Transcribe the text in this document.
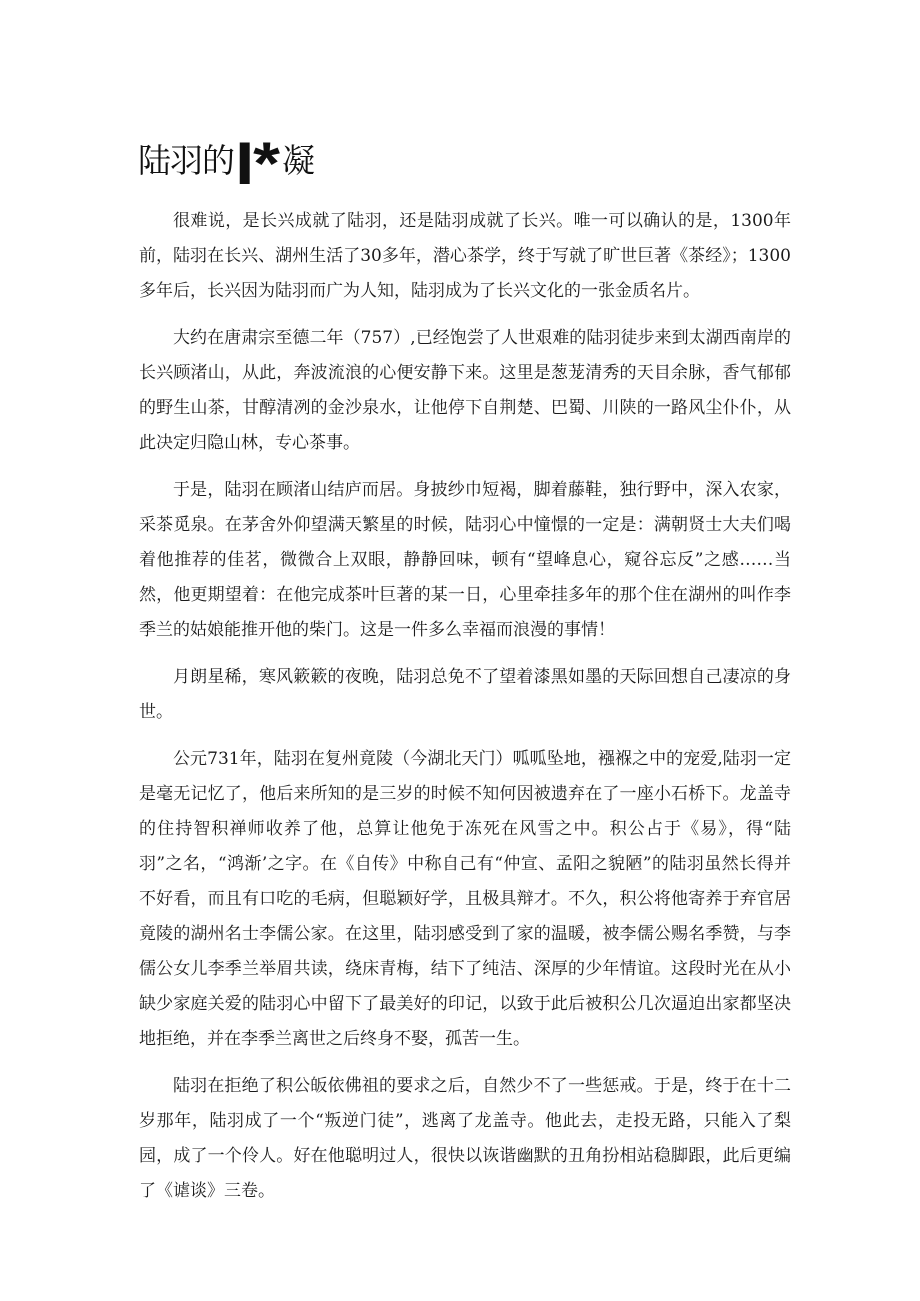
陆羽的I*凝

很难说，是长兴成就了陆羽，还是陆羽成就了长兴。唯一可以确认的是，1300年前，陆羽在长兴、湖州生活了30多年，潜心茶学，终于写就了旷世巨著《茶经》；1300多年后，长兴因为陆羽而广为人知，陆羽成为了长兴文化的一张金质名片。

大约在唐肃宗至德二年（757）,已经饱尝了人世艰难的陆羽徒步来到太湖西南岸的长兴顾渚山，从此，奔波流浪的心便安静下来。这里是葱茏清秀的天目余脉，香气郁郁的野生山茶，甘醇清冽的金沙泉水，让他停下自荆楚、巴蜀、川陕的一路风尘仆仆，从此决定归隐山林，专心茶事。

于是，陆羽在顾渚山结庐而居。身披纱巾短褐，脚着藤鞋，独行野中，深入农家，采茶觅泉。在茅舍外仰望满天繁星的时候，陆羽心中憧憬的一定是：满朝贤士大夫们喝着他推荐的佳茗，微微合上双眼，静静回味，顿有“望峰息心，窥谷忘反”之感……当然，他更期望着：在他完成茶叶巨著的某一日，心里牵挂多年的那个住在湖州的叫作李季兰的姑娘能推开他的柴门。这是一件多么幸福而浪漫的事情！

月朗星稀，寒风簌簌的夜晚，陆羽总免不了望着漆黑如墨的天际回想自己凄凉的身世。

公元731年，陆羽在复州竟陵（今湖北天门）呱呱坠地，襁褓之中的宠爱,陆羽一定是毫无记忆了，他后来所知的是三岁的时候不知何因被遗弃在了一座小石桥下。龙盖寺的住持智积禅师收养了他，总算让他免于冻死在风雪之中。积公占于《易》，得“陆羽”之名，“鸿渐’之字。在《自传》中称自己有“仲宣、孟阳之貌陋”的陆羽虽然长得并不好看，而且有口吃的毛病，但聪颖好学，且极具辩才。不久，积公将他寄养于弃官居竟陵的湖州名士李儒公家。在这里，陆羽感受到了家的温暖，被李儒公赐名季赞，与李儒公女儿李季兰举眉共读，绕床青梅，结下了纯洁、深厚的少年情谊。这段时光在从小缺少家庭关爱的陆羽心中留下了最美好的印记，以致于此后被积公几次逼迫出家都坚决地拒绝，并在李季兰离世之后终身不娶，孤苦一生。

陆羽在拒绝了积公皈依佛祖的要求之后，自然少不了一些惩戒。于是，终于在十二岁那年，陆羽成了一个“叛逆门徒”，逃离了龙盖寺。他此去，走投无路，只能入了梨园，成了一个伶人。好在他聪明过人，很快以诙谐幽默的丑角扮相站稳脚跟，此后更编了《谑谈》三卷。
